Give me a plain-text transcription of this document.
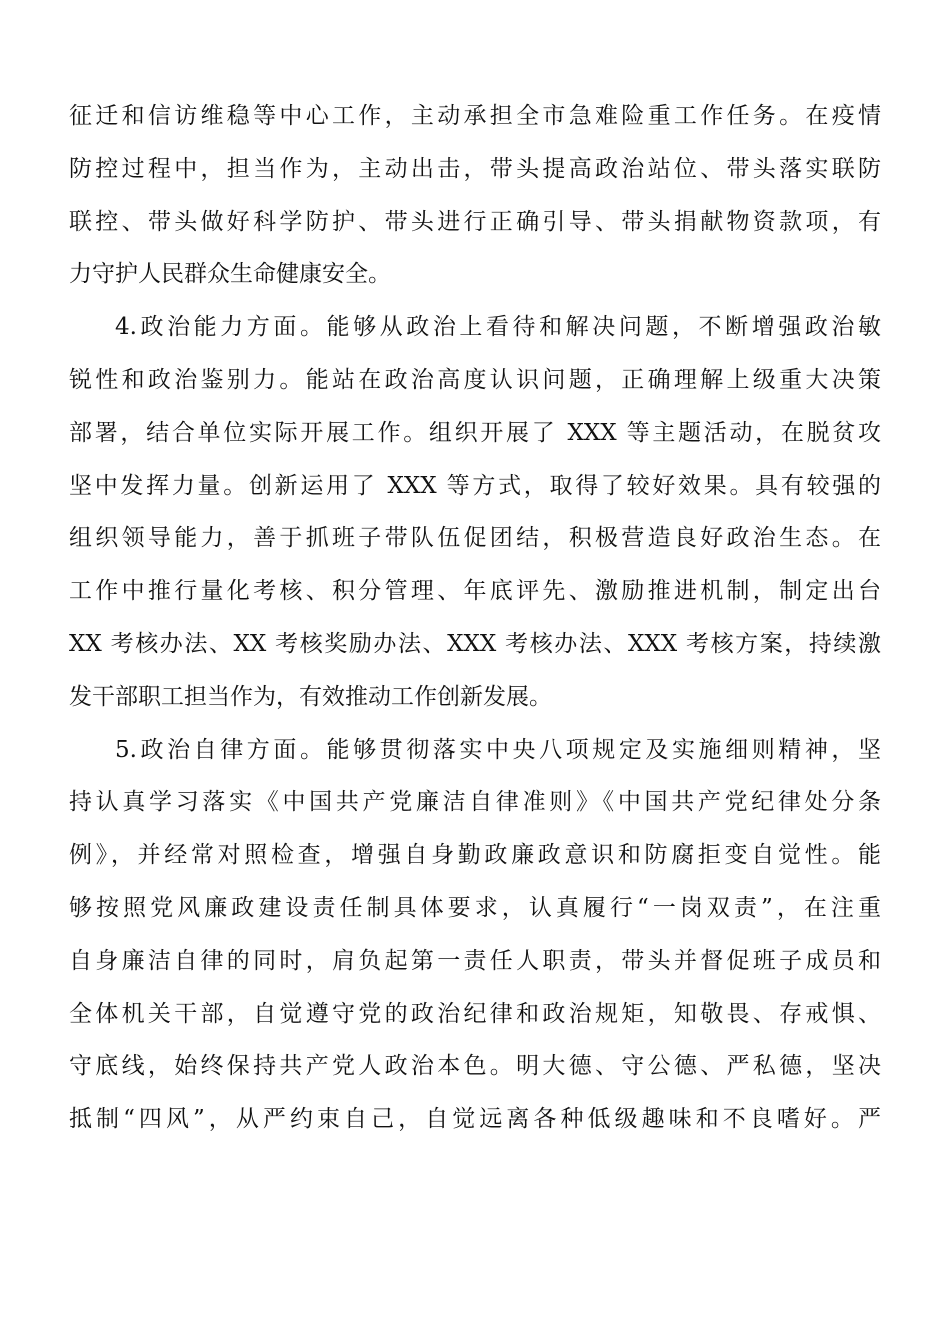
征迁和信访维稳等中心工作，主动承担全市急难险重工作任务。在疫情
防控过程中，担当作为，主动出击，带头提高政治站位、带头落实联防
联控、带头做好科学防护、带头进行正确引导、带头捐献物资款项，有
力守护人民群众生命健康安全。
4.政治能力方面。能够从政治上看待和解决问题，不断增强政治敏
锐性和政治鉴别力。能站在政治高度认识问题，正确理解上级重大决策
部署，结合单位实际开展工作。组织开展了 XXX 等主题活动，在脱贫攻
坚中发挥力量。创新运用了 XXX 等方式，取得了较好效果。具有较强的
组织领导能力，善于抓班子带队伍促团结，积极营造良好政治生态。在
工作中推行量化考核、积分管理、年底评先、激励推进机制，制定出台
XX 考核办法、XX 考核奖励办法、XXX 考核办法、XXX 考核方案，持续激
发干部职工担当作为，有效推动工作创新发展。
5.政治自律方面。能够贯彻落实中央八项规定及实施细则精神，坚
持认真学习落实《中国共产党廉洁自律准则》《中国共产党纪律处分条
例》，并经常对照检查，增强自身勤政廉政意识和防腐拒变自觉性。能
够按照党风廉政建设责任制具体要求，认真履行“一岗双责”，在注重
自身廉洁自律的同时，肩负起第一责任人职责，带头并督促班子成员和
全体机关干部，自觉遵守党的政治纪律和政治规矩，知敬畏、存戒惧、
守底线，始终保持共产党人政治本色。明大德、守公德、严私德，坚决
抵制“四风”，从严约束自己，自觉远离各种低级趣味和不良嗜好。严
